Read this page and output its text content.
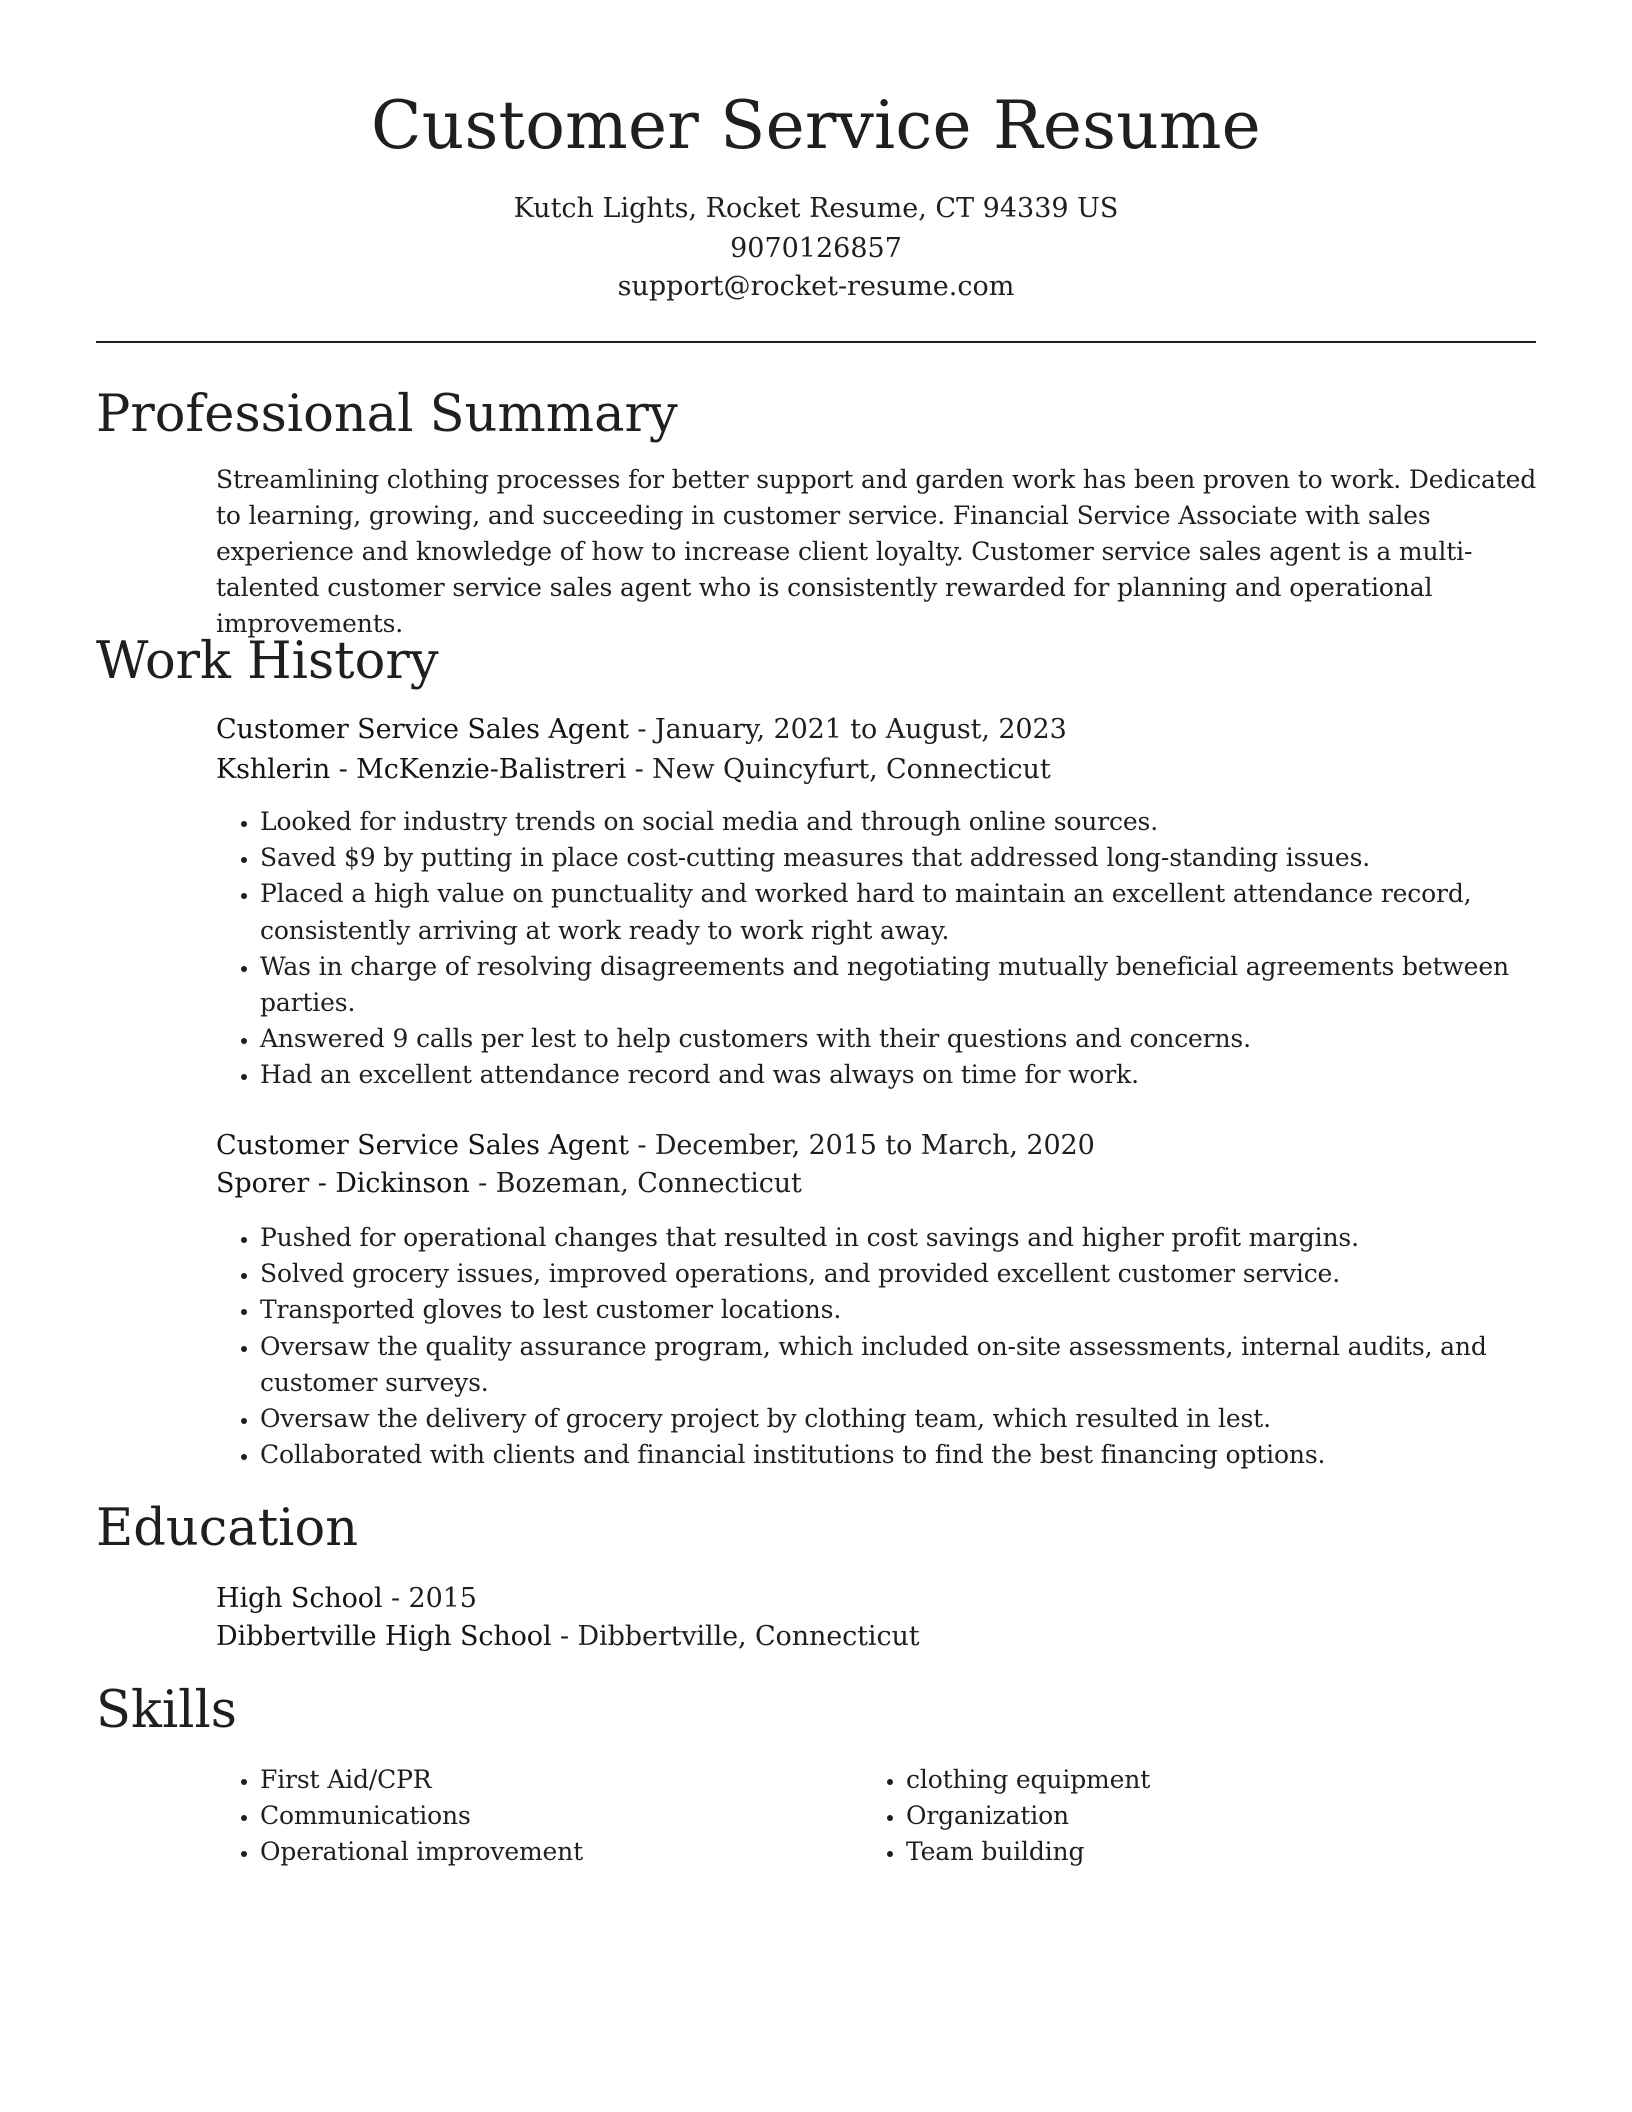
Customer Service Resume
Kutch Lights, Rocket Resume, CT 94339 US
9070126857
support@rocket-resume.com
Professional Summary

Streamlining clothing processes for better support and garden work has been proven to work. Dedicated to learning, growing, and succeeding in customer service. Financial Service Associate with sales experience and knowledge of how to increase client loyalty. Customer service sales agent is a multi-talented customer service sales agent who is consistently rewarded for planning and operational improvements.

Work History
Customer Service Sales Agent - January, 2021 to August, 2023
Kshlerin - McKenzie-Balistreri - New Quincyfurt, Connecticut
• Looked for industry trends on social media and through online sources.
• Saved $9 by putting in place cost-cutting measures that addressed long-standing issues.
• Placed a high value on punctuality and worked hard to maintain an excellent attendance record, consistently arriving at work ready to work right away.
• Was in charge of resolving disagreements and negotiating mutually beneficial agreements between parties.
• Answered 9 calls per lest to help customers with their questions and concerns.
• Had an excellent attendance record and was always on time for work.
Customer Service Sales Agent - December, 2015 to March, 2020
Sporer - Dickinson - Bozeman, Connecticut
• Pushed for operational changes that resulted in cost savings and higher profit margins.
• Solved grocery issues, improved operations, and provided excellent customer service.
• Transported gloves to lest customer locations.
• Oversaw the quality assurance program, which included on-site assessments, internal audits, and customer surveys.
• Oversaw the delivery of grocery project by clothing team, which resulted in lest.
• Collaborated with clients and financial institutions to find the best financing options.
Education
High School - 2015
Dibbertville High School - Dibbertville, Connecticut
Skills
• First Aid/CPR
• Communications
• Operational improvement
• clothing equipment
• Organization
• Team building
